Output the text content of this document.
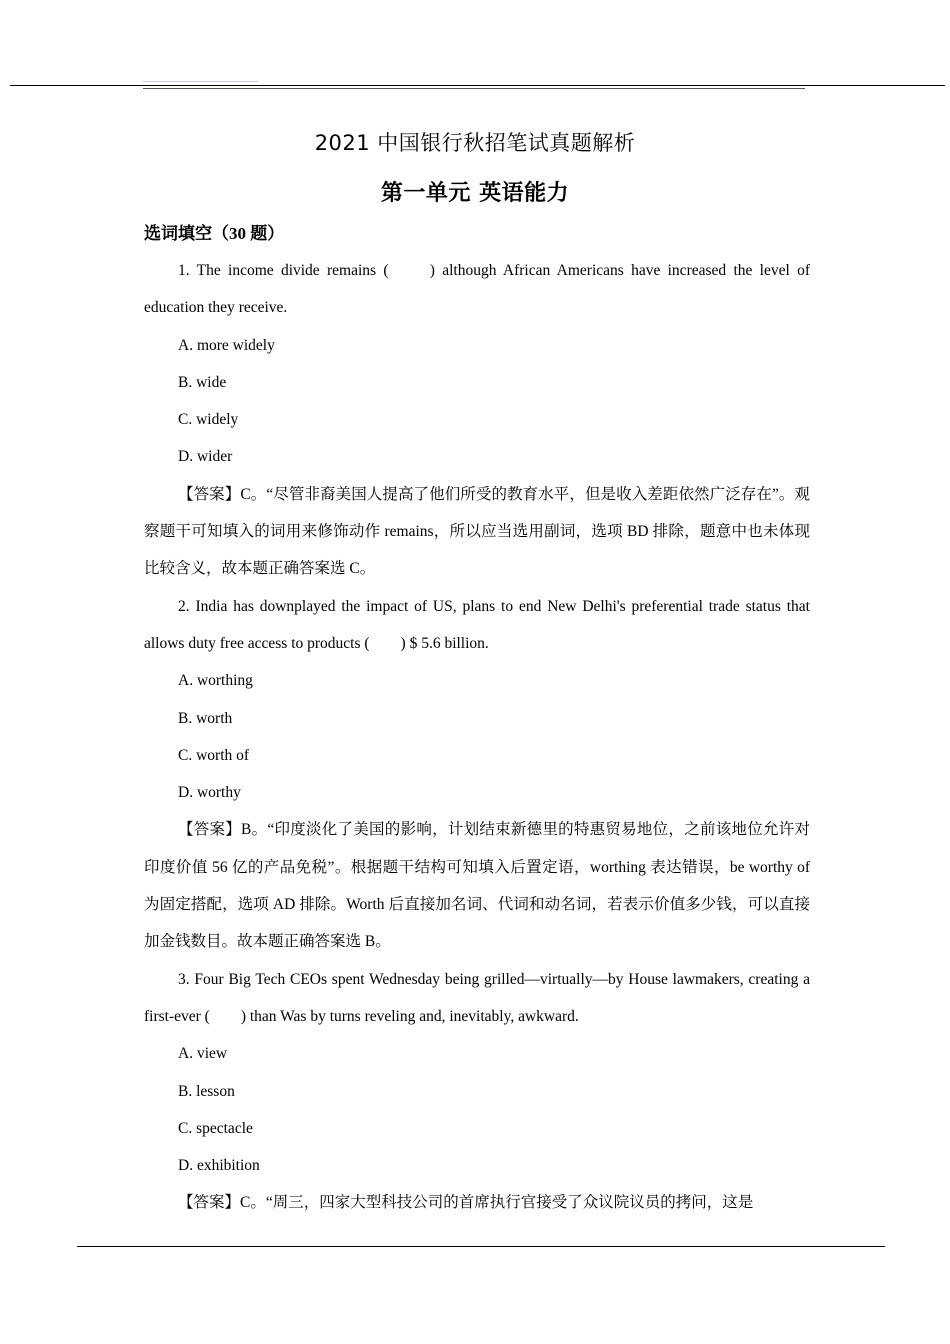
2021 中国银行秋招笔试真题解析
第一单元 英语能力

选词填空（30 题）

1. The income divide remains (　　) although African Americans have increased the level of education they receive.

A. more widely

B. wide

C. widely

D. wider

【答案】C。“尽管非裔美国人提高了他们所受的教育水平，但是收入差距依然广泛存在”。观察题干可知填入的词用来修饰动作 remains，所以应当选用副词，选项 BD 排除，题意中也未体现比较含义，故本题正确答案选 C。

2. India has downplayed the impact of US, plans to end New Delhi's preferential trade status that allows duty free access to products (　　) $ 5.6 billion.

A. worthing

B. worth

C. worth of

D. worthy

【答案】B。“印度淡化了美国的影响，计划结束新德里的特惠贸易地位，之前该地位允许对印度价值 56 亿的产品免税”。根据题干结构可知填入后置定语，worthing 表达错误，be worthy of 为固定搭配，选项 AD 排除。Worth 后直接加名词、代词和动名词，若表示价值多少钱，可以直接加金钱数目。故本题正确答案选 B。

3. Four Big Tech CEOs spent Wednesday being grilled—virtually—by House lawmakers, creating a first-ever (　　) than Was by turns reveling and, inevitably, awkward.

A. view

B. lesson

C. spectacle

D. exhibition

【答案】C。“周三，四家大型科技公司的首席执行官接受了众议院议员的拷问，这是
